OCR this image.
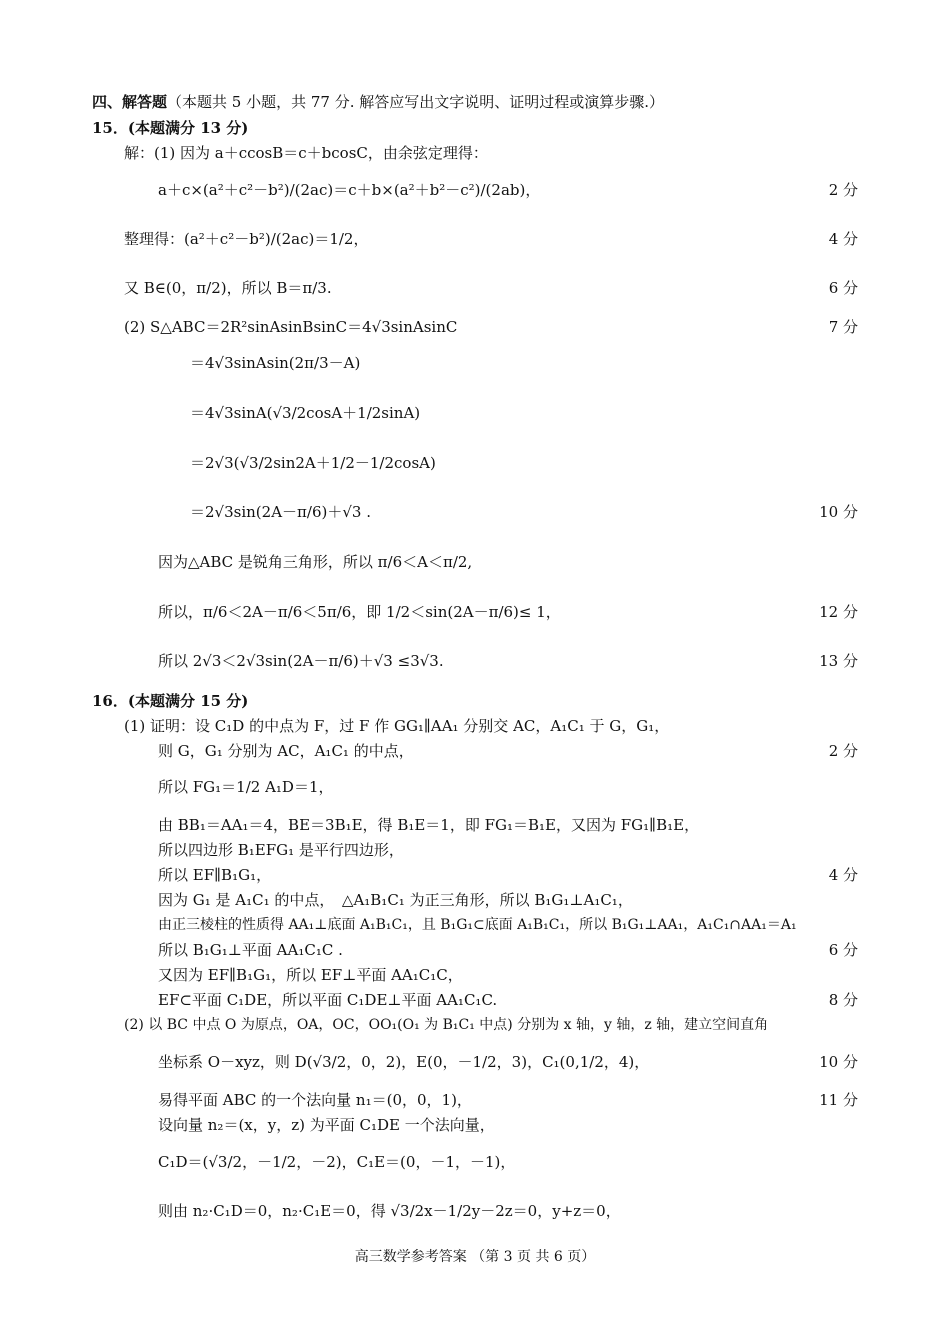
四、解答题（本题共 5 小题，共 77 分. 解答应写出文字说明、证明过程或演算步骤.）
15．(本题满分 13 分)
解：(1) 因为 a＋ccosB＝c＋bcosC，由余弦定理得：
a＋c×(a²＋c²－b²)/(2ac)＝c＋b×(a²＋b²－c²)/(2ab)，	2 分
整理得：(a²＋c²－b²)/(2ac)＝1/2，	4 分
又 B∈(0，π/2)，所以 B＝π/3.	6 分
(2) S△ABC＝2R²sinAsinBsinC＝4√3sinAsinC	7 分
＝4√3sinAsin(2π/3－A)
＝4√3sinA(√3/2cosA＋1/2sinA)
＝2√3(√3/2sin2A＋1/2－1/2cosA)
＝2√3sin(2A－π/6)＋√3 .	10 分
因为△ABC 是锐角三角形，所以 π/6＜A＜π/2,
所以，π/6＜2A－π/6＜5π/6，即 1/2＜sin(2A－π/6)≤ 1，	12 分
所以 2√3＜2√3sin(2A－π/6)＋√3 ≤3√3.	13 分
16．(本题满分 15 分)
(1) 证明：设 C₁D 的中点为 F，过 F 作 GG₁∥AA₁ 分别交 AC，A₁C₁ 于 G，G₁，
则 G，G₁ 分别为 AC，A₁C₁ 的中点，	2 分
所以 FG₁＝1/2 A₁D＝1，
由 BB₁＝AA₁＝4，BE＝3B₁E，得 B₁E＝1，即 FG₁＝B₁E，又因为 FG₁∥B₁E，
所以四边形 B₁EFG₁ 是平行四边形，
所以 EF∥B₁G₁，	4 分
因为 G₁ 是 A₁C₁ 的中点，　△A₁B₁C₁ 为正三角形，所以 B₁G₁⊥A₁C₁，
由正三棱柱的性质得 AA₁⊥底面 A₁B₁C₁，且 B₁G₁⊂底面 A₁B₁C₁，所以 B₁G₁⊥AA₁，A₁C₁∩AA₁＝A₁
所以 B₁G₁⊥平面 AA₁C₁C .	6 分
又因为 EF∥B₁G₁，所以 EF⊥平面 AA₁C₁C，
EF⊂平面 C₁DE，所以平面 C₁DE⊥平面 AA₁C₁C.	8 分
(2) 以 BC 中点 O 为原点，OA，OC，OO₁(O₁ 为 B₁C₁ 中点) 分别为 x 轴，y 轴，z 轴，建立空间直角
坐标系 O－xyz，则 D(√3/2，0，2)，E(0，－1/2，3)，C₁(0,1/2，4)，	10 分
易得平面 ABC 的一个法向量 n₁＝(0，0，1)，	11 分
设向量 n₂＝(x，y，z) 为平面 C₁DE 一个法向量，
C₁D＝(√3/2，－1/2，－2)，C₁E＝(0，－1，－1)，
则由 n₂·C₁D＝0，n₂·C₁E＝0，得 √3/2x－1/2y－2z＝0，y+z＝0，
高三数学参考答案 （第 3 页 共 6 页）
